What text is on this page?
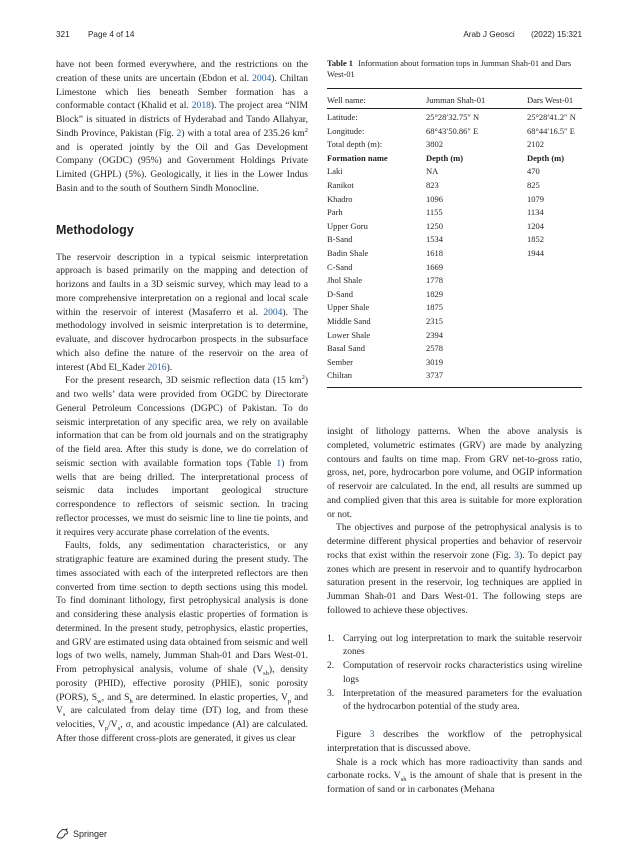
321 Page 4 of 14	Arab J Geosci (2022) 15:321

have not been formed everywhere, and the restrictions on the creation of these units are uncertain (Ebdon et al. 2004). Chiltan Limestone which lies beneath Sember formation has a conformable contact (Khalid et al. 2018). The project area “NIM Block” is situated in districts of Hyderabad and Tando Allahyar, Sindh Province, Pakistan (Fig. 2) with a total area of 235.26 $km^2$ and is operated jointly by the Oil and Gas Development Company (OGDC) (95%) and Government Holdings Private Limited (GHPL) (5%). Geologically, it lies in the Lower Indus Basin and to the south of Southern Sindh Monocline.

Methodology

The reservoir description in a typical seismic interpretation approach is based primarily on the mapping and detection of horizons and faults in a 3D seismic survey, which may lead to a more comprehensive interpretation on a regional and local scale within the reservoir of interest (Masaferro et al. 2004). The methodology involved in seismic interpretation is to determine, evaluate, and discover hydrocarbon prospects in the subsurface which also define the nature of the reservoir on the area of interest (Abd El_Kader 2016).

For the present research, 3D seismic reflection data (15 $km^2$) and two wells’ data were provided from OGDC by Directorate General Petroleum Concessions (DGPC) of Pakistan. To do seismic interpretation of any specific area, we rely on available information that can be from old journals and on the stratigraphy of the field area. After this study is done, we do correlation of seismic section with available formation tops (Table 1) from wells that are being drilled. The interpretational process of seismic data includes important geological structure correspondence to reflectors of seismic section. In tracing reflector processes, we must do seismic line to line tie points, and it requires very accurate phase correlation of the events.

Faults, folds, any sedimentation characteristics, or any stratigraphic feature are examined during the present study. The times associated with each of the interpreted reflectors are then converted from time section to depth sections using this model. To find dominant lithology, first petrophysical analysis is done and considering these analysis elastic properties of formation is determined. In the present study, petrophysics, elastic properties, and GRV are estimated using data obtained from seismic and well logs of two wells, namely, Jumman Shah-01 and Dars West-01. From petrophysical analysis, volume of shale $(V_{sh})$, density porosity (PHID), effective porosity (PHIE), sonic porosity (PORS), $S_w$, and $S_h$ are determined. In elastic properties, $V_p$ and $V_s$ are calculated from delay time (DT) log, and from these velocities, $V_p/V_s$, σ, and acoustic impedance (AI) are calculated. After those different cross-plots are generated, it gives us clear

Table 1 Information about formation tops in Jumman Shah-01 and Dars West-01
Well name:	Jumman Shah-01	Dars West-01
Latitude:	25°28′32.75″ N	25°28′41.2″ N
Longitude:	68°43′50.86″ E	68°44′16.5″ E
Total depth (m):	3802	2102
Formation name	Depth (m)	Depth (m)
Laki	NA	470
Ranikot	823	825
Khadro	1096	1079
Parh	1155	1134
Upper Goru	1250	1204
B-Sand	1534	1852
Badin Shale	1618	1944
C-Sand	1669
Jhol Shale	1778
D-Sand	1829
Upper Shale	1875
Middle Sand	2315
Lower Shale	2394
Basal Sand	2578
Sember	3019
Chiltan	3737

insight of lithology patterns. When the above analysis is completed, volumetric estimates (GRV) are made by analyzing contours and faults on time map. From GRV net-to-gross ratio, gross, net, pore, hydrocarbon pore volume, and OGIP information of reservoir are calculated. In the end, all results are summed up and complied given that this area is suitable for more exploration or not.

The objectives and purpose of the petrophysical analysis is to determine different physical properties and behavior of reservoir rocks that exist within the reservoir zone (Fig. 3). To depict pay zones which are present in reservoir and to quantify hydrocarbon saturation present in the reservoir, log techniques are applied in Jumman Shah-01 and Dars West-01. The following steps are followed to achieve these objectives.

1. Carrying out log interpretation to mark the suitable reservoir zones
2. Computation of reservoir rocks characteristics using wireline logs
3. Interpretation of the measured parameters for the evaluation of the hydrocarbon potential of the study area.

Figure 3 describes the workflow of the petrophysical interpretation that is discussed above.

Shale is a rock which has more radioactivity than sands and carbonate rocks. $V_{sh}$ is the amount of shale that is present in the formation of sand or in carbonates (Mehana

Springer
